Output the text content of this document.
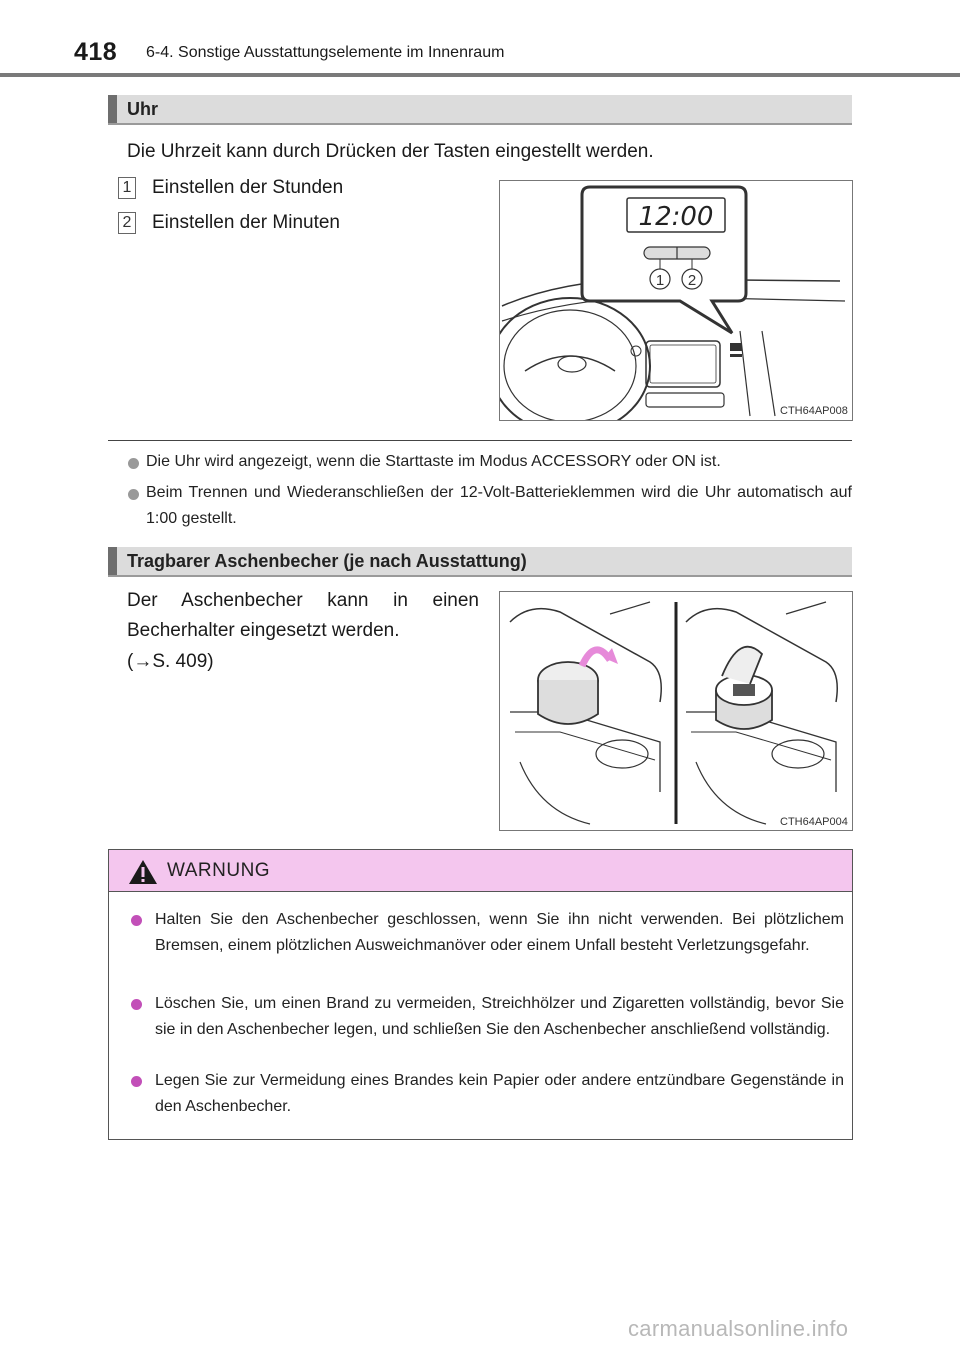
418 6-4. Sonstige Ausstattungselemente im Innenraum
Uhr
Die Uhrzeit kann durch Drücken der Tasten eingestellt werden.
1 Einstellen der Stunden
2 Einstellen der Minuten	12:00
1 2
CTH64AP008
Die Uhr wird angezeigt, wenn die Starttaste im Modus ACCESSORY oder ON ist.
Beim Trennen und Wiederanschließen der 12-Volt-Batterieklemmen wird die Uhr automatisch auf 1:00 gestellt.
Tragbarer Aschenbecher (je nach Ausstattung)
Der Aschenbecher kann in einen
Becherhalter eingesetzt werden.
(→S. 409)
CTH64AP004
WARNUNG
Halten Sie den Aschenbecher geschlossen, wenn Sie ihn nicht verwenden. Bei plötzlichem Bremsen, einem plötzlichen Ausweichmanöver oder einem Unfall besteht Verletzungsgefahr.
Löschen Sie, um einen Brand zu vermeiden, Streichhölzer und Zigaretten vollständig, bevor Sie sie in den Aschenbecher legen, und schließen Sie den Aschenbecher anschließend vollständig.
Legen Sie zur Vermeidung eines Brandes kein Papier oder andere entzündbare Gegenstände in den Aschenbecher.
carmanualsonline.info
